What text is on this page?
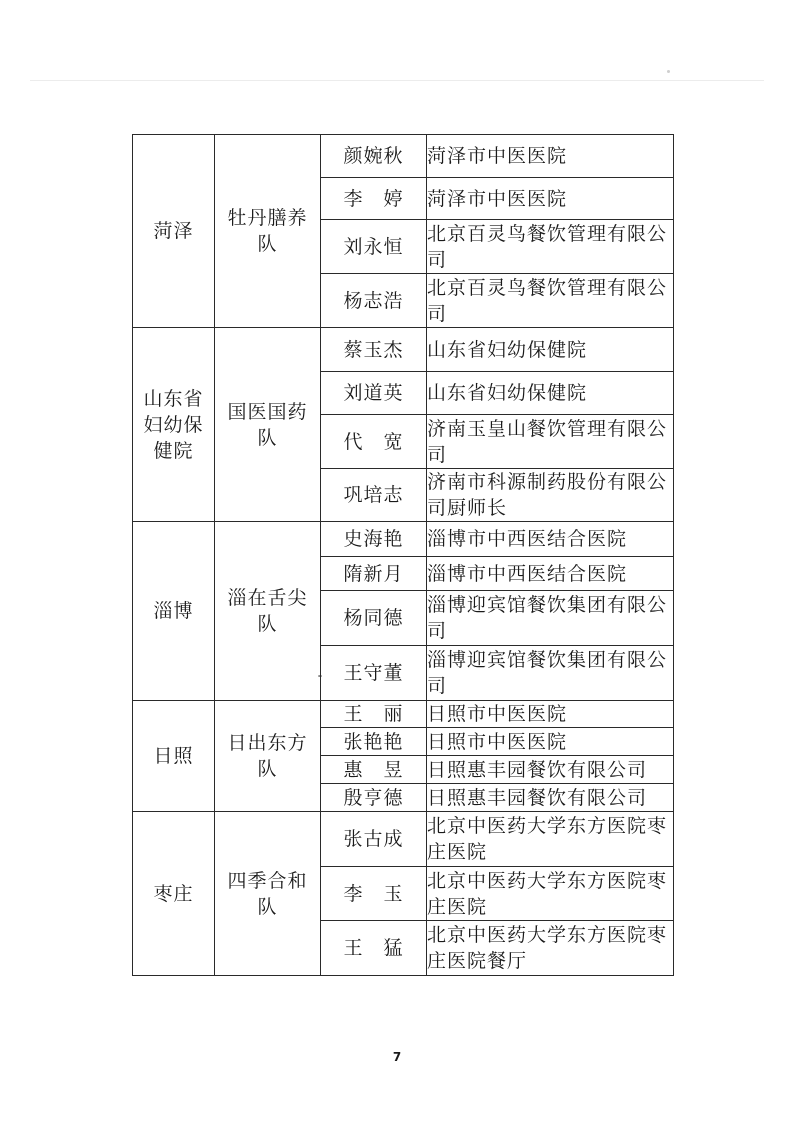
菏泽	牡丹膳养队	颜婉秋	菏泽市中医医院
		李　婷	菏泽市中医医院
		刘永恒	北京百灵鸟餐饮管理有限公司
		杨志浩	北京百灵鸟餐饮管理有限公司
山东省妇幼保健院	国医国药队	蔡玉杰	山东省妇幼保健院
		刘道英	山东省妇幼保健院
		代　宽	济南玉皇山餐饮管理有限公司
		巩培志	济南市科源制药股份有限公司厨师长
淄博	淄在舌尖队	史海艳	淄博市中西医结合医院
		隋新月	淄博市中西医结合医院
		杨同德	淄博迎宾馆餐饮集团有限公司
		王守董	淄博迎宾馆餐饮集团有限公司
日照	日出东方队	王　丽	日照市中医医院
		张艳艳	日照市中医医院
		惠　昱	日照惠丰园餐饮有限公司
		殷亨德	日照惠丰园餐饮有限公司
枣庄	四季合和队	张古成	北京中医药大学东方医院枣庄医院
		李　玉	北京中医药大学东方医院枣庄医院
		王　猛	北京中医药大学东方医院枣庄医院餐厅
7
